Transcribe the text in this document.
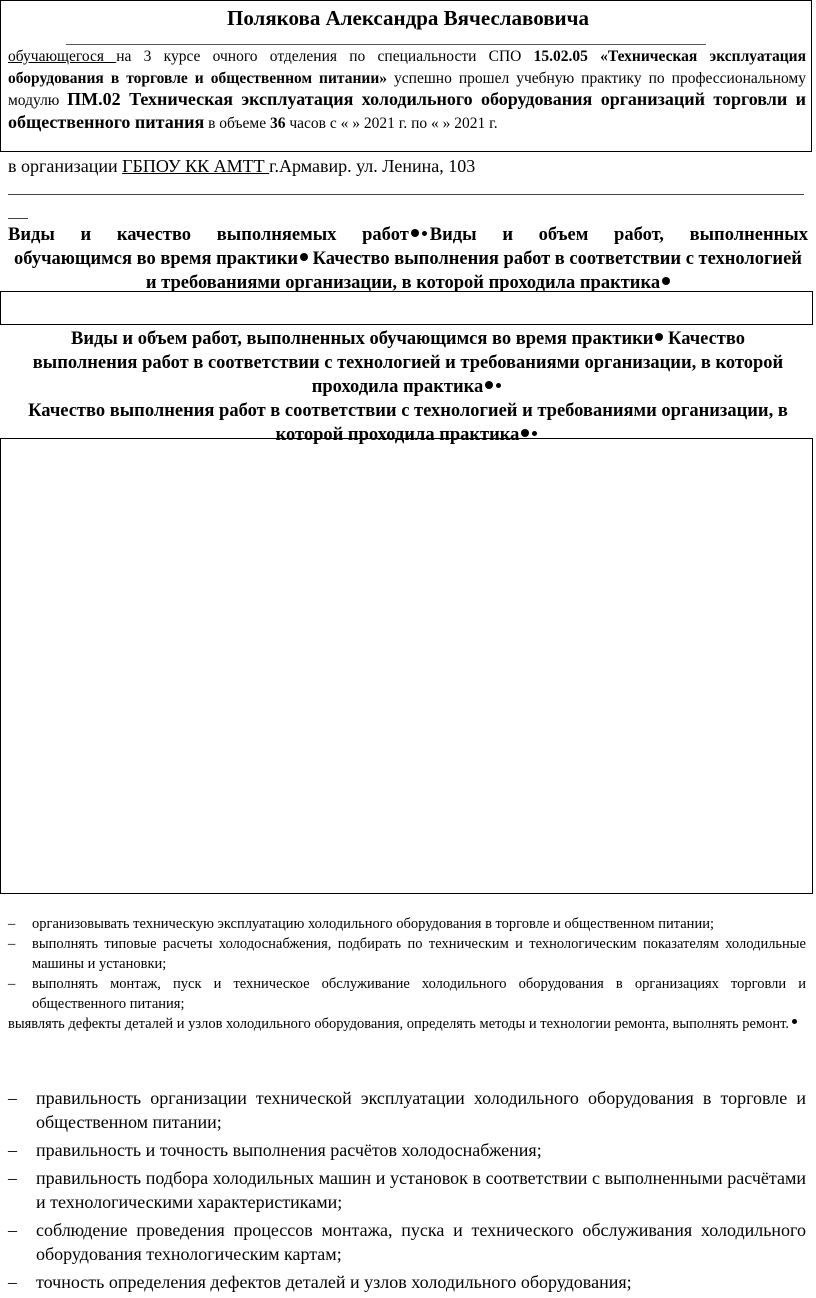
Полякова Александра Вячеславовича
обучающегося на 3 курсе очного отделения по специальности СПО 15.02.05 «Техническая эксплуатация оборудования в торговле и общественном питании» успешно прошел учебную практику по профессиональному модулю ПМ.02 Техническая эксплуатация холодильного оборудования организаций торговли и общественного питания в объеме 36 часов с « » 2021 г. по « » 2021 г.
в организации ГБПОУ КК АМТТ г.Армавир. ул. Ленина, 103
Виды и качество выполняемых работ Виды и объем работ, выполненных
обучающимся во время практики Качество выполнения работ в соответствии с технологией и требованиями организации, в которой проходила практика
Виды и объем работ, выполненных обучающимся во время практики Качество выполнения работ в соответствии с технологией и требованиями организации, в которой проходила практика
Качество выполнения работ в соответствии с технологией и требованиями организации, в которой проходила практика
– организовывать техническую эксплуатацию холодильного оборудования в торговле и общественном питании;
– выполнять типовые расчеты холодоснабжения, подбирать по техническим и технологическим показателям холодильные машины и установки;
– выполнять монтаж, пуск и техническое обслуживание холодильного оборудования в организациях торговли и общественного питания;
выявлять дефекты деталей и узлов холодильного оборудования, определять методы и технологии ремонта, выполнять ремонт.
– правильность организации технической эксплуатации холодильного оборудования в торговле и общественном питании;
– правильность и точность выполнения расчётов холодоснабжения;
– правильность подбора холодильных машин и установок в соответствии с выполненными расчётами и технологическими характеристиками;
– соблюдение проведения процессов монтажа, пуска и технического обслуживания холодильного оборудования технологическим картам;
– точность определения дефектов деталей и узлов холодильного оборудования;
